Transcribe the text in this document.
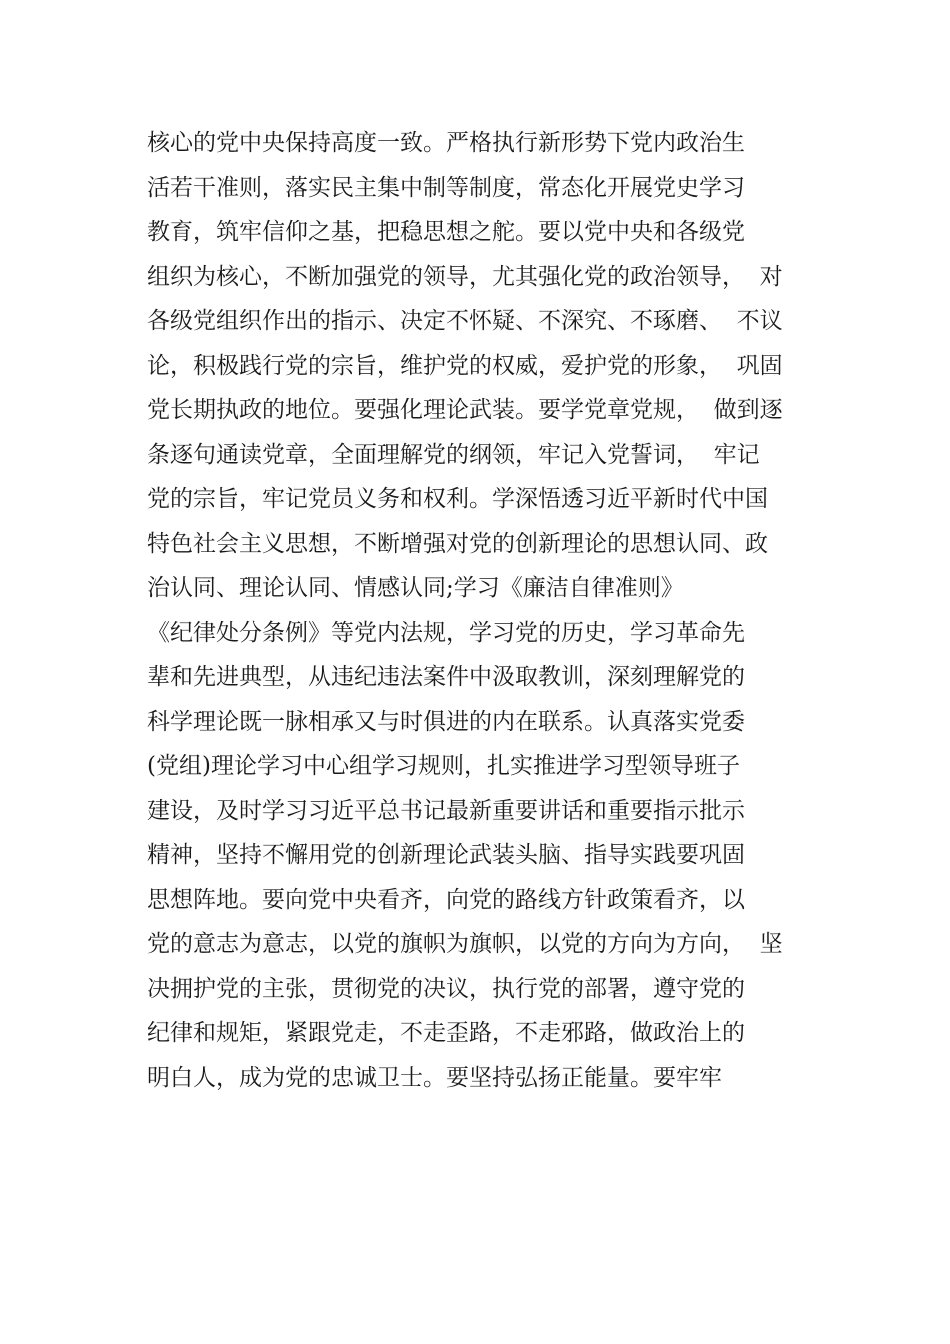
核心的党中央保持高度一致。严格执行新形势下党内政治生
活若干准则，落实民主集中制等制度，常态化开展党史学习
教育，筑牢信仰之基，把稳思想之舵。要以党中央和各级党
组织为核心，不断加强党的领导，尤其强化党的政治领导，  对
各级党组织作出的指示、决定不怀疑、不深究、不琢磨、  不议
论，积极践行党的宗旨，维护党的权威，爱护党的形象，  巩固
党长期执政的地位。要强化理论武装。要学党章党规，  做到逐
条逐句通读党章，全面理解党的纲领，牢记入党誓词，  牢记
党的宗旨，牢记党员义务和权利。学深悟透习近平新时代中国
特色社会主义思想，不断增强对党的创新理论的思想认同、政
治认同、理论认同、情感认同;学习《廉洁自律准则》
《纪律处分条例》等党内法规，学习党的历史，学习革命先
辈和先进典型，从违纪违法案件中汲取教训，深刻理解党的
科学理论既一脉相承又与时俱进的内在联系。认真落实党委
(党组)理论学习中心组学习规则，扎实推进学习型领导班子
建设，及时学习习近平总书记最新重要讲话和重要指示批示
精神，坚持不懈用党的创新理论武装头脑、指导实践要巩固
思想阵地。要向党中央看齐，向党的路线方针政策看齐，以
党的意志为意志，以党的旗帜为旗帜，以党的方向为方向，  坚
决拥护党的主张，贯彻党的决议，执行党的部署，遵守党的
纪律和规矩，紧跟党走，不走歪路，不走邪路，做政治上的
明白人，成为党的忠诚卫士。要坚持弘扬正能量。要牢牢
